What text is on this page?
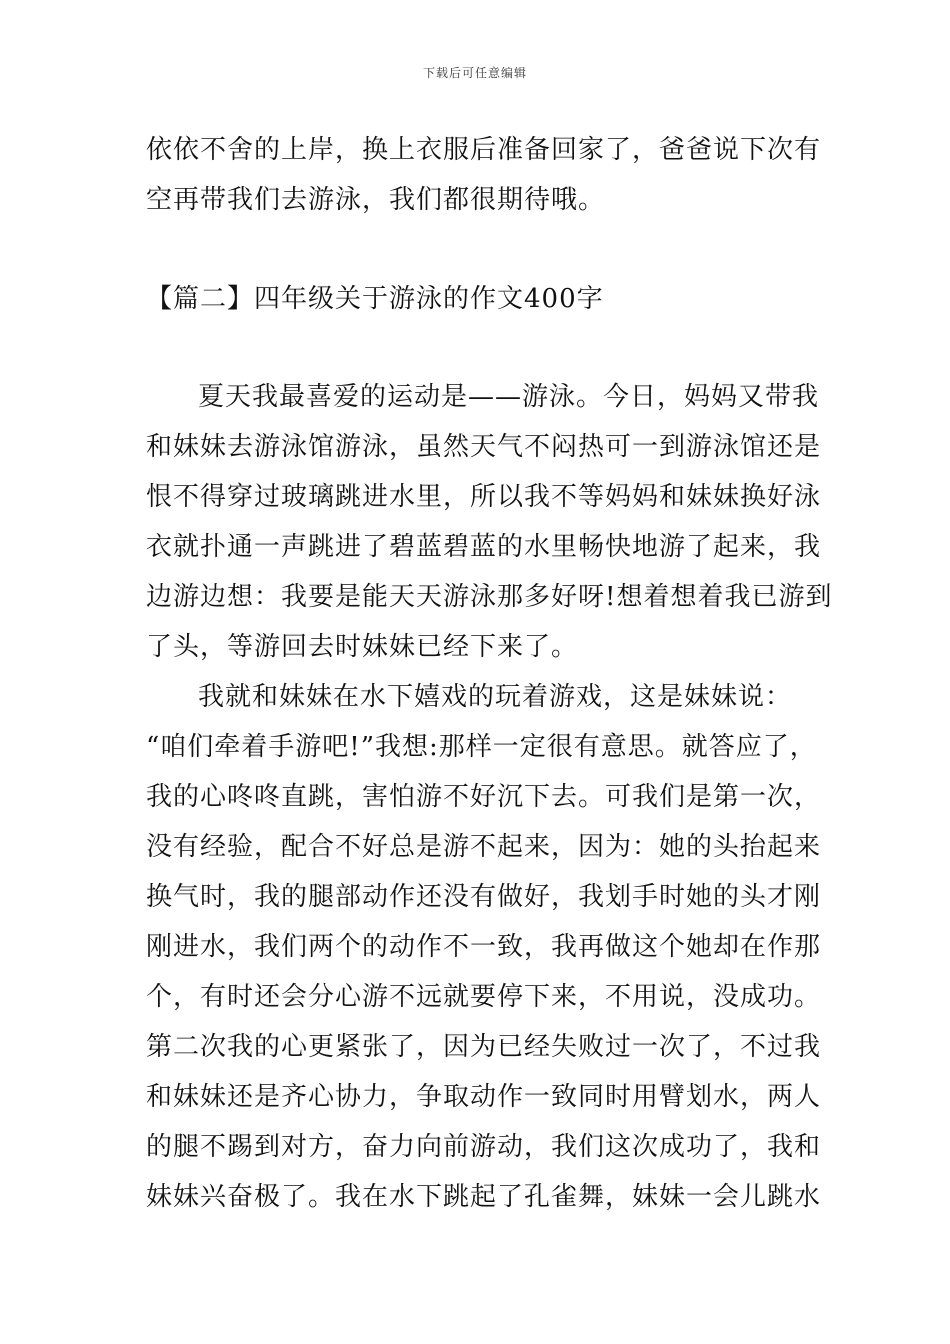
下载后可任意编辑
依依不舍的上岸，换上衣服后准备回家了，爸爸说下次有
空再带我们去游泳，我们都很期待哦。
【篇二】四年级关于游泳的作文400字
夏天我最喜爱的运动是——游泳。今日，妈妈又带我
和妹妹去游泳馆游泳，虽然天气不闷热可一到游泳馆还是
恨不得穿过玻璃跳进水里，所以我不等妈妈和妹妹换好泳
衣就扑通一声跳进了碧蓝碧蓝的水里畅快地游了起来，我
边游边想：我要是能天天游泳那多好呀!想着想着我已游到
了头，等游回去时妹妹已经下来了。
我就和妹妹在水下嬉戏的玩着游戏，这是妹妹说：
“咱们牵着手游吧!”我想:那样一定很有意思。就答应了，
我的心咚咚直跳，害怕游不好沉下去。可我们是第一次，
没有经验，配合不好总是游不起来，因为：她的头抬起来
换气时，我的腿部动作还没有做好，我划手时她的头才刚
刚进水，我们两个的动作不一致，我再做这个她却在作那
个，有时还会分心游不远就要停下来，不用说，没成功。
第二次我的心更紧张了，因为已经失败过一次了，不过我
和妹妹还是齐心协力，争取动作一致同时用臂划水，两人
的腿不踢到对方，奋力向前游动，我们这次成功了，我和
妹妹兴奋极了。我在水下跳起了孔雀舞，妹妹一会儿跳水
